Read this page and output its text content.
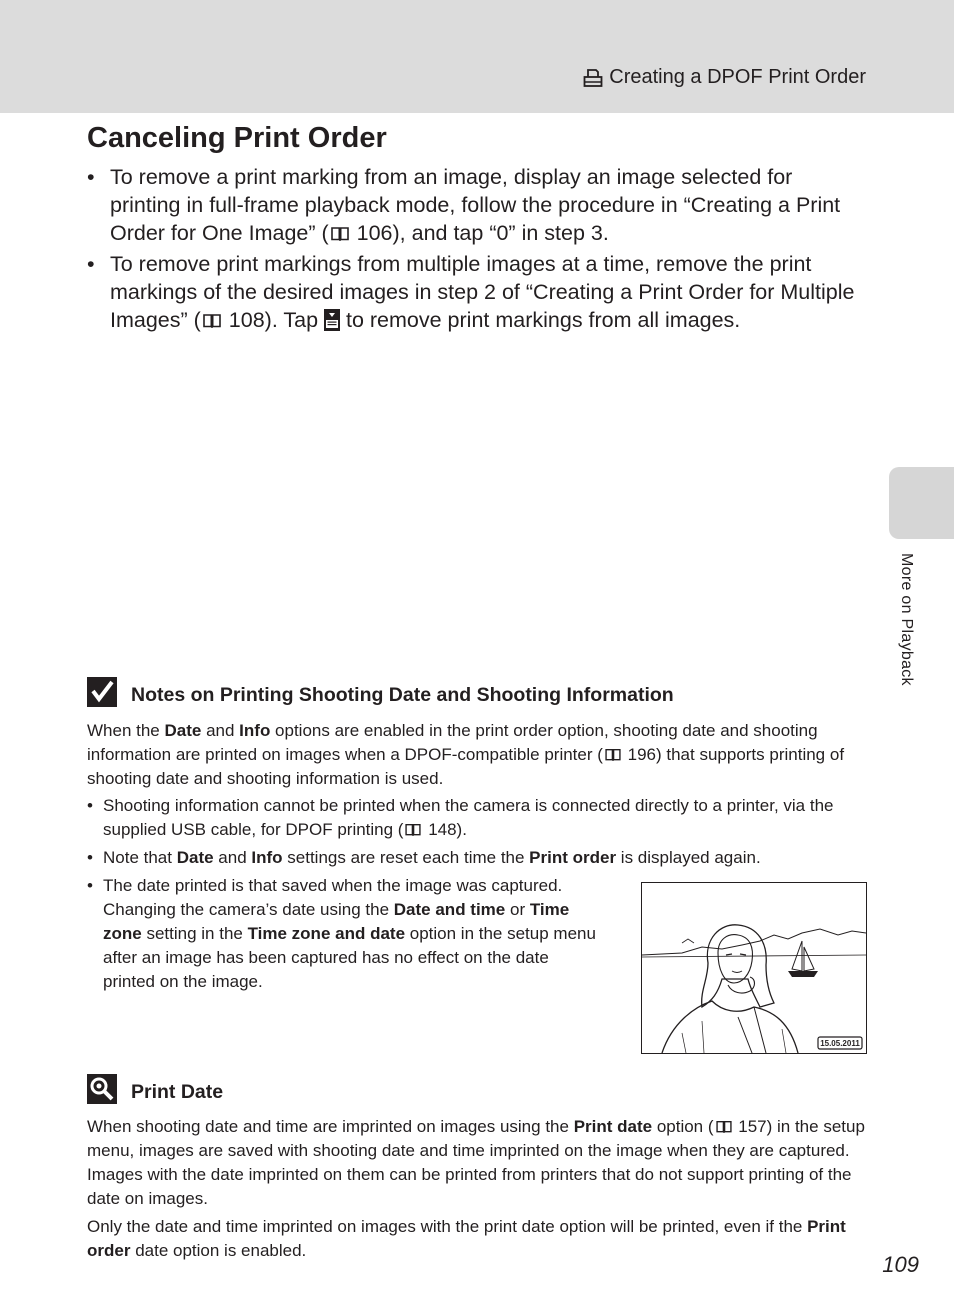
Creating a DPOF Print Order
More on Playback
Canceling Print Order
• To remove a print marking from an image, display an image selected for printing in full-frame playback mode, follow the procedure in “Creating a Print Order for One Image” ( 106), and tap “0” in step 3.
• To remove print markings from multiple images at a time, remove the print markings of the desired images in step 2 of “Creating a Print Order for Multiple Images” ( 108). Tap  to remove print markings from all images.
Notes on Printing Shooting Date and Shooting Information

When the Date and Info options are enabled in the print order option, shooting date and shooting information are printed on images when a DPOF-compatible printer ( 196) that supports printing of shooting date and shooting information is used.

• Shooting information cannot be printed when the camera is connected directly to a printer, via the supplied USB cable, for DPOF printing ( 148).
• Note that Date and Info settings are reset each time the Print order is displayed again.
• The date printed is that saved when the image was captured. Changing the camera’s date using the Date and time or Time zone setting in the Time zone and date option in the setup menu after an image has been captured has no effect on the date printed on the image.
15.05.2011
Print Date

When shooting date and time are imprinted on images using the Print date option ( 157) in the setup menu, images are saved with shooting date and time imprinted on the image when they are captured. Images with the date imprinted on them can be printed from printers that do not support printing of the date on images.

Only the date and time imprinted on images with the print date option will be printed, even if the Print order date option is enabled.

109
